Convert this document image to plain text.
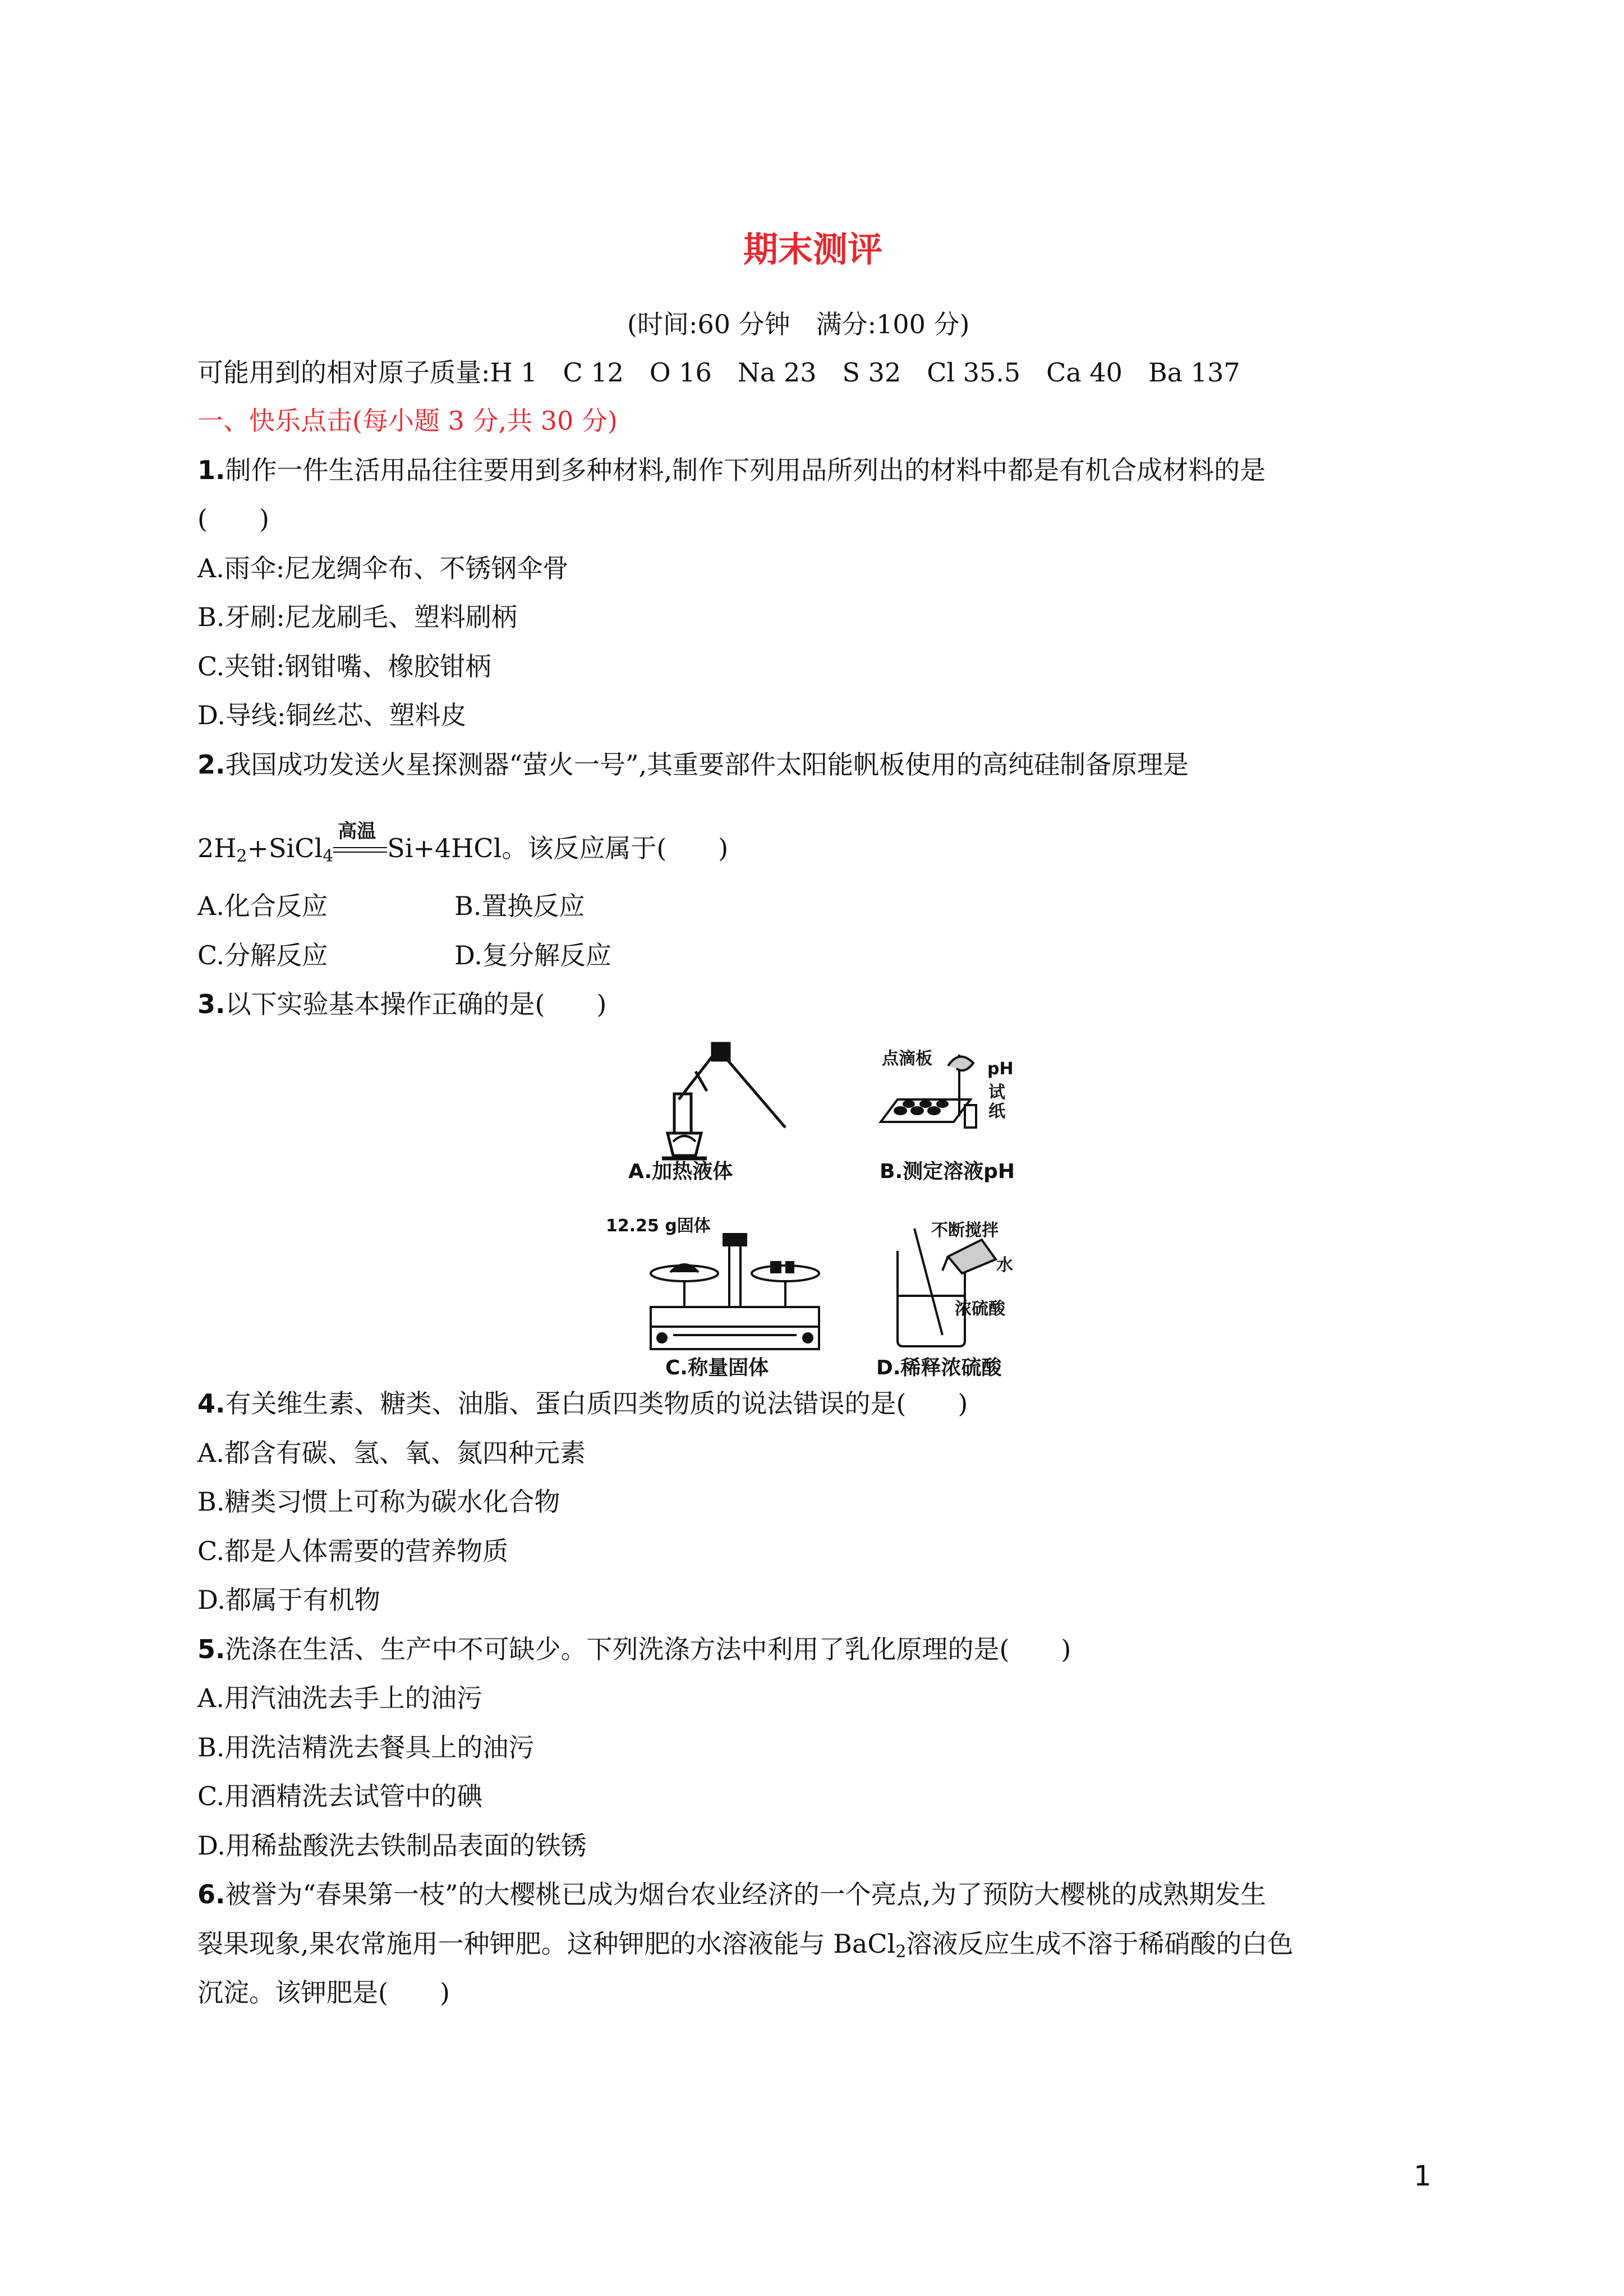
期末测评
(时间:60 分钟　满分:100 分)
可能用到的相对原子质量:H 1　C 12　O 16　Na 23　S 32　Cl 35.5　Ca 40　Ba 137
一、快乐点击(每小题 3 分,共 30 分)
1.制作一件生活用品往往要用到多种材料,制作下列用品所列出的材料中都是有机合成材料的是
(　　)
A.雨伞:尼龙绸伞布、不锈钢伞骨
B.牙刷:尼龙刷毛、塑料刷柄
C.夹钳:钢钳嘴、橡胶钳柄
D.导线:铜丝芯、塑料皮
2.我国成功发送火星探测器“萤火一号”,其重要部件太阳能帆板使用的高纯硅制备原理是
$2H_2+SiCl_4$
高温
Si+4HCl。该反应属于(　　)
A.化合反应	B.置换反应
C.分解反应	D.复分解反应
3.以下实验基本操作正确的是(　　)
A.加热液体
点滴板
pH
试
纸
B.测定溶液pH
12.25 g固体
C.称量固体
不断搅拌
水
浓硫酸
D.稀释浓硫酸
4.有关维生素、糖类、油脂、蛋白质四类物质的说法错误的是(　　)
A.都含有碳、氢、氧、氮四种元素
B.糖类习惯上可称为碳水化合物
C.都是人体需要的营养物质
D.都属于有机物
5.洗涤在生活、生产中不可缺少。下列洗涤方法中利用了乳化原理的是(　　)
A.用汽油洗去手上的油污
B.用洗洁精洗去餐具上的油污
C.用酒精洗去试管中的碘
D.用稀盐酸洗去铁制品表面的铁锈
6.被誉为“春果第一枝”的大樱桃已成为烟台农业经济的一个亮点,为了预防大樱桃的成熟期发生
裂果现象,果农常施用一种钾肥。这种钾肥的水溶液能与 BaCl$_2$溶液反应生成不溶于稀硝酸的白色
沉淀。该钾肥是(　　)
1
